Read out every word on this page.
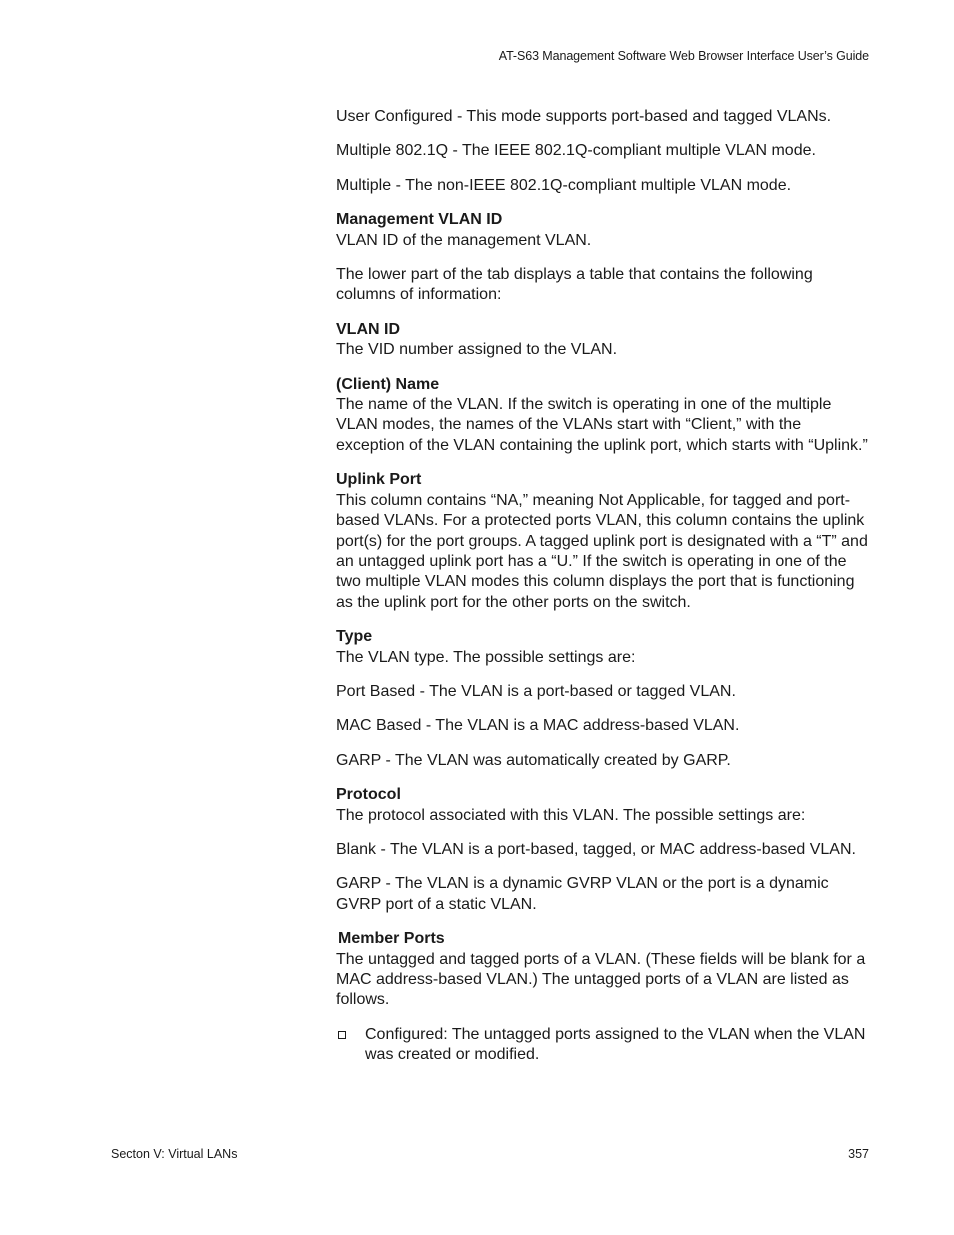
AT-S63 Management Software Web Browser Interface User’s Guide

User Configured - This mode supports port-based and tagged VLANs.

Multiple 802.1Q - The IEEE 802.1Q-compliant multiple VLAN mode.

Multiple - The non-IEEE 802.1Q-compliant multiple VLAN mode.

Management VLAN ID

VLAN ID of the management VLAN.

The lower part of the tab displays a table that contains the following columns of information:

VLAN ID

The VID number assigned to the VLAN.

(Client) Name

The name of the VLAN. If the switch is operating in one of the multiple VLAN modes, the names of the VLANs start with “Client,” with the exception of the VLAN containing the uplink port, which starts with “Uplink.”

Uplink Port

This column contains “NA,” meaning Not Applicable, for tagged and port-based VLANs. For a protected ports VLAN, this column contains the uplink port(s) for the port groups. A tagged uplink port is designated with a “T” and an untagged uplink port has a “U.” If the switch is operating in one of the two multiple VLAN modes this column displays the port that is functioning as the uplink port for the other ports on the switch.

Type

The VLAN type. The possible settings are:

Port Based - The VLAN is a port-based or tagged VLAN.

MAC Based - The VLAN is a MAC address-based VLAN.

GARP - The VLAN was automatically created by GARP.

Protocol

The protocol associated with this VLAN. The possible settings are:

Blank - The VLAN is a port-based, tagged, or MAC address-based VLAN.

GARP - The VLAN is a dynamic GVRP VLAN or the port is a dynamic GVRP port of a static VLAN.

Member Ports

The untagged and tagged ports of a VLAN. (These fields will be blank for a MAC address-based VLAN.) The untagged ports of a VLAN are listed as follows.

Configured: The untagged ports assigned to the VLAN when the VLAN was created or modified.
Secton V: Virtual LANs	357
